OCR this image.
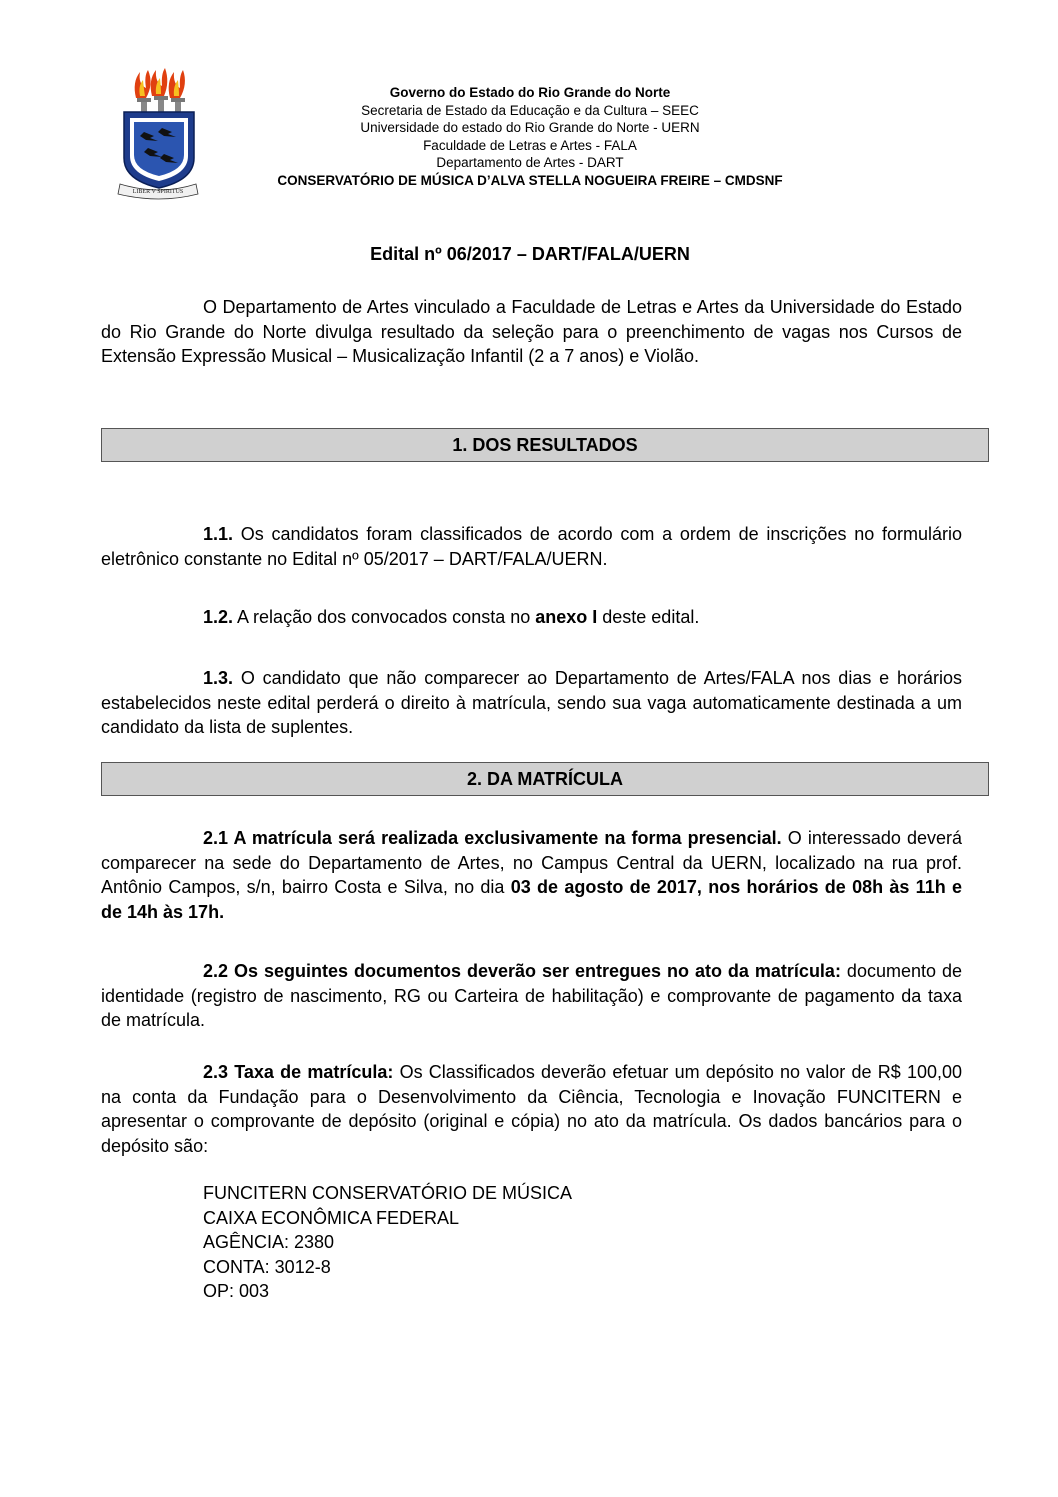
LIBER V SPIRITUS
Governo do Estado do Rio Grande do Norte
Secretaria de Estado da Educação e da Cultura – SEEC
Universidade do estado do Rio Grande do Norte - UERN
Faculdade de Letras e Artes - FALA
Departamento de Artes - DART
CONSERVATÓRIO DE MÚSICA D’ALVA STELLA NOGUEIRA FREIRE – CMDSNF
Edital nº 06/2017 – DART/FALA/UERN
O Departamento de Artes vinculado a Faculdade de Letras e Artes da Universidade do Estado do Rio Grande do Norte divulga resultado da seleção para o preenchimento de vagas nos Cursos de Extensão Expressão Musical – Musicalização Infantil (2 a 7 anos) e Violão.
1. DOS RESULTADOS
1.1. Os candidatos foram classificados de acordo com a ordem de inscrições no formulário eletrônico constante no Edital nº 05/2017 – DART/FALA/UERN.
1.2. A relação dos convocados consta no anexo I deste edital.
1.3. O candidato que não comparecer ao Departamento de Artes/FALA nos dias e horários estabelecidos neste edital perderá o direito à matrícula, sendo sua vaga automaticamente destinada a um candidato da lista de suplentes.
2. DA MATRÍCULA
2.1 A matrícula será realizada exclusivamente na forma presencial. O interessado deverá comparecer na sede do Departamento de Artes, no Campus Central da UERN, localizado na rua prof. Antônio Campos, s/n, bairro Costa e Silva, no dia 03 de agosto de 2017, nos horários de 08h às 11h e de 14h às 17h.
2.2 Os seguintes documentos deverão ser entregues no ato da matrícula: documento de identidade (registro de nascimento, RG ou Carteira de habilitação) e comprovante de pagamento da taxa de matrícula.
2.3 Taxa de matrícula: Os Classificados deverão efetuar um depósito no valor de R$ 100,00 na conta da Fundação para o Desenvolvimento da Ciência, Tecnologia e Inovação FUNCITERN e apresentar o comprovante de depósito (original e cópia) no ato da matrícula. Os dados bancários para o depósito são:
FUNCITERN CONSERVATÓRIO DE MÚSICA
CAIXA ECONÔMICA FEDERAL
AGÊNCIA: 2380
CONTA: 3012-8
OP: 003
